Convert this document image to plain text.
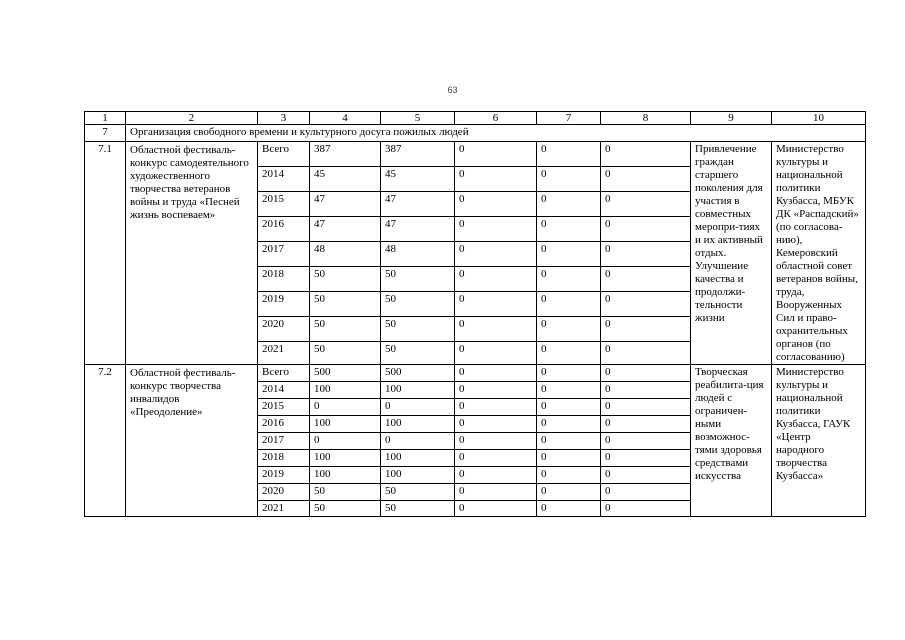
63
1	2	3	4	5	6	7	8	9	10
7	Организация свободного времени и культурного досуга пожилых людей								
7.1	Областной фестиваль-конкурс самодеятельного художественного творчества ветеранов войны и труда «Песней жизнь воспеваем»	Всего	387	387	0	0	0	Привлечение граждан старшего поколения для участия в совместных меропри-тиях и их активный отдых. Улучшение качества и продолжи-тельности жизни	Министерство культуры и национальной политики Кузбасса, МБУК ДК «Распадский» (по согласова-нию), Кемеровский областной совет ветеранов войны, труда, Вооруженных Сил и право-охранительных органов (по согласованию)
		2014	45	45	0	0	0		
		2015	47	47	0	0	0		
		2016	47	47	0	0	0		
		2017	48	48	0	0	0		
		2018	50	50	0	0	0		
		2019	50	50	0	0	0		
		2020	50	50	0	0	0		
		2021	50	50	0	0	0		
7.2	Областной фестиваль-конкурс творчества инвалидов «Преодоление»	Всего	500	500	0	0	0	Творческая реабилита-ция людей с ограничен-ными возможнос-тями здоровья средствами искусства	Министерство культуры и национальной политики Кузбасса, ГАУК «Центр народного творчества Кузбасса»
		2014	100	100	0	0	0		
		2015	0	0	0	0	0		
		2016	100	100	0	0	0		
		2017	0	0	0	0	0		
		2018	100	100	0	0	0		
		2019	100	100	0	0	0		
		2020	50	50	0	0	0		
		2021	50	50	0	0	0		
